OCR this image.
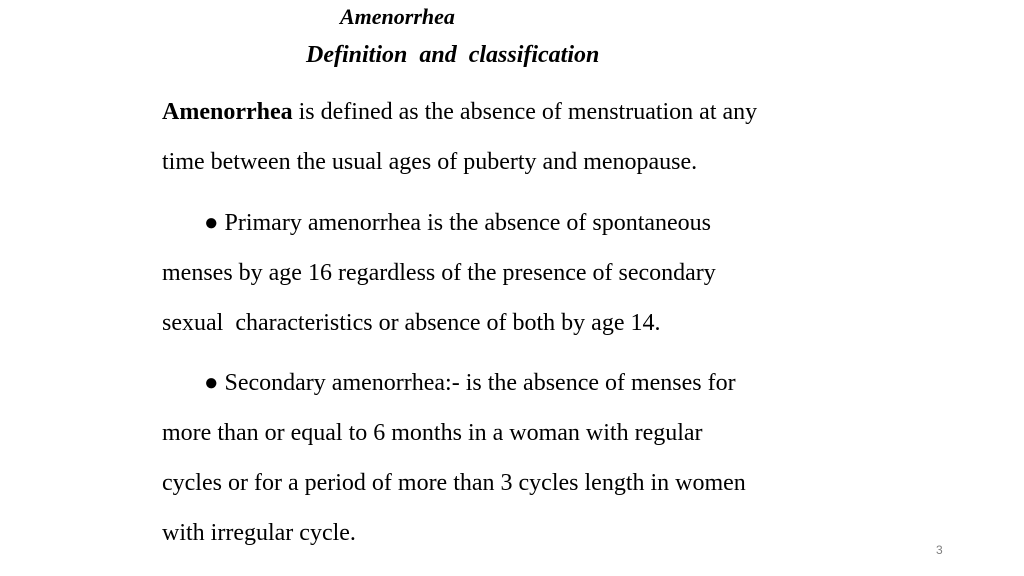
Amenorrhea
Definition  and  classification
Amenorrhea is defined as the absence of menstruation at any
time between the usual ages of puberty and menopause.
● Primary amenorrhea is the absence of spontaneous
menses by age 16 regardless of the presence of secondary
sexual  characteristics or absence of both by age 14.
● Secondary amenorrhea:- is the absence of menses for
more than or equal to 6 months in a woman with regular
cycles or for a period of more than 3 cycles length in women
with irregular cycle.
3
